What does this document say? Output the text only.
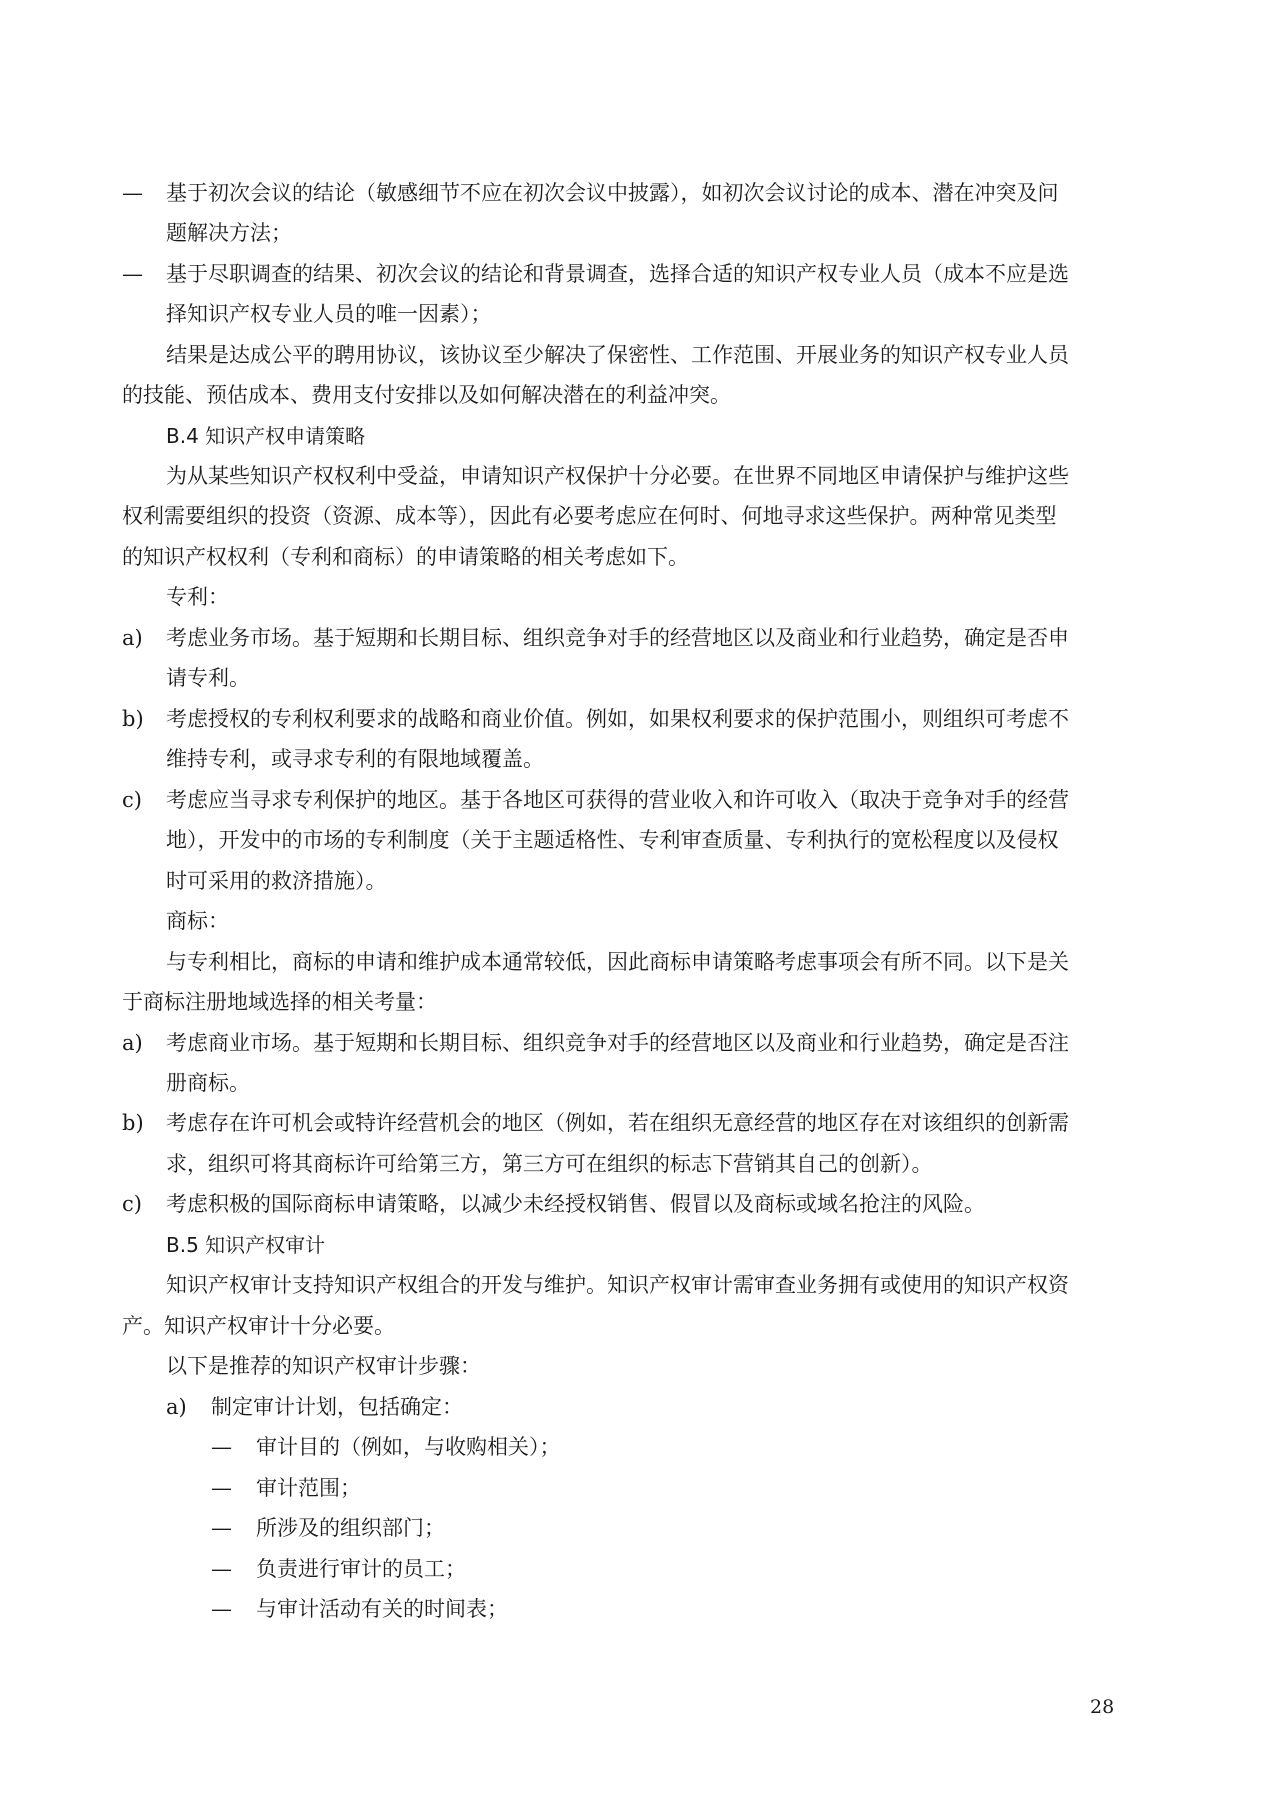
— 基于初次会议的结论（敏感细节不应在初次会议中披露），如初次会议讨论的成本、潜在冲突及问
题解决方法；
— 基于尽职调查的结果、初次会议的结论和背景调查，选择合适的知识产权专业人员（成本不应是选
择知识产权专业人员的唯一因素）；
结果是达成公平的聘用协议，该协议至少解决了保密性、工作范围、开展业务的知识产权专业人员
的技能、预估成本、费用支付安排以及如何解决潜在的利益冲突。
B.4 知识产权申请策略
为从某些知识产权权利中受益，申请知识产权保护十分必要。在世界不同地区申请保护与维护这些
权利需要组织的投资（资源、成本等），因此有必要考虑应在何时、何地寻求这些保护。两种常见类型
的知识产权权利（专利和商标）的申请策略的相关考虑如下。
专利：
a) 考虑业务市场。基于短期和长期目标、组织竞争对手的经营地区以及商业和行业趋势，确定是否申
请专利。
b) 考虑授权的专利权利要求的战略和商业价值。例如，如果权利要求的保护范围小，则组织可考虑不
维持专利，或寻求专利的有限地域覆盖。
c) 考虑应当寻求专利保护的地区。基于各地区可获得的营业收入和许可收入（取决于竞争对手的经营
地），开发中的市场的专利制度（关于主题适格性、专利审查质量、专利执行的宽松程度以及侵权
时可采用的救济措施）。
商标：
与专利相比，商标的申请和维护成本通常较低，因此商标申请策略考虑事项会有所不同。以下是关
于商标注册地域选择的相关考量：
a) 考虑商业市场。基于短期和长期目标、组织竞争对手的经营地区以及商业和行业趋势，确定是否注
册商标。
b) 考虑存在许可机会或特许经营机会的地区（例如，若在组织无意经营的地区存在对该组织的创新需
求，组织可将其商标许可给第三方，第三方可在组织的标志下营销其自己的创新）。
c) 考虑积极的国际商标申请策略，以减少未经授权销售、假冒以及商标或域名抢注的风险。
B.5 知识产权审计
知识产权审计支持知识产权组合的开发与维护。知识产权审计需审查业务拥有或使用的知识产权资
产。知识产权审计十分必要。
以下是推荐的知识产权审计步骤：
a) 制定审计计划，包括确定：
— 审计目的（例如，与收购相关）；
— 审计范围；
— 所涉及的组织部门；
— 负责进行审计的员工；
— 与审计活动有关的时间表；
28
